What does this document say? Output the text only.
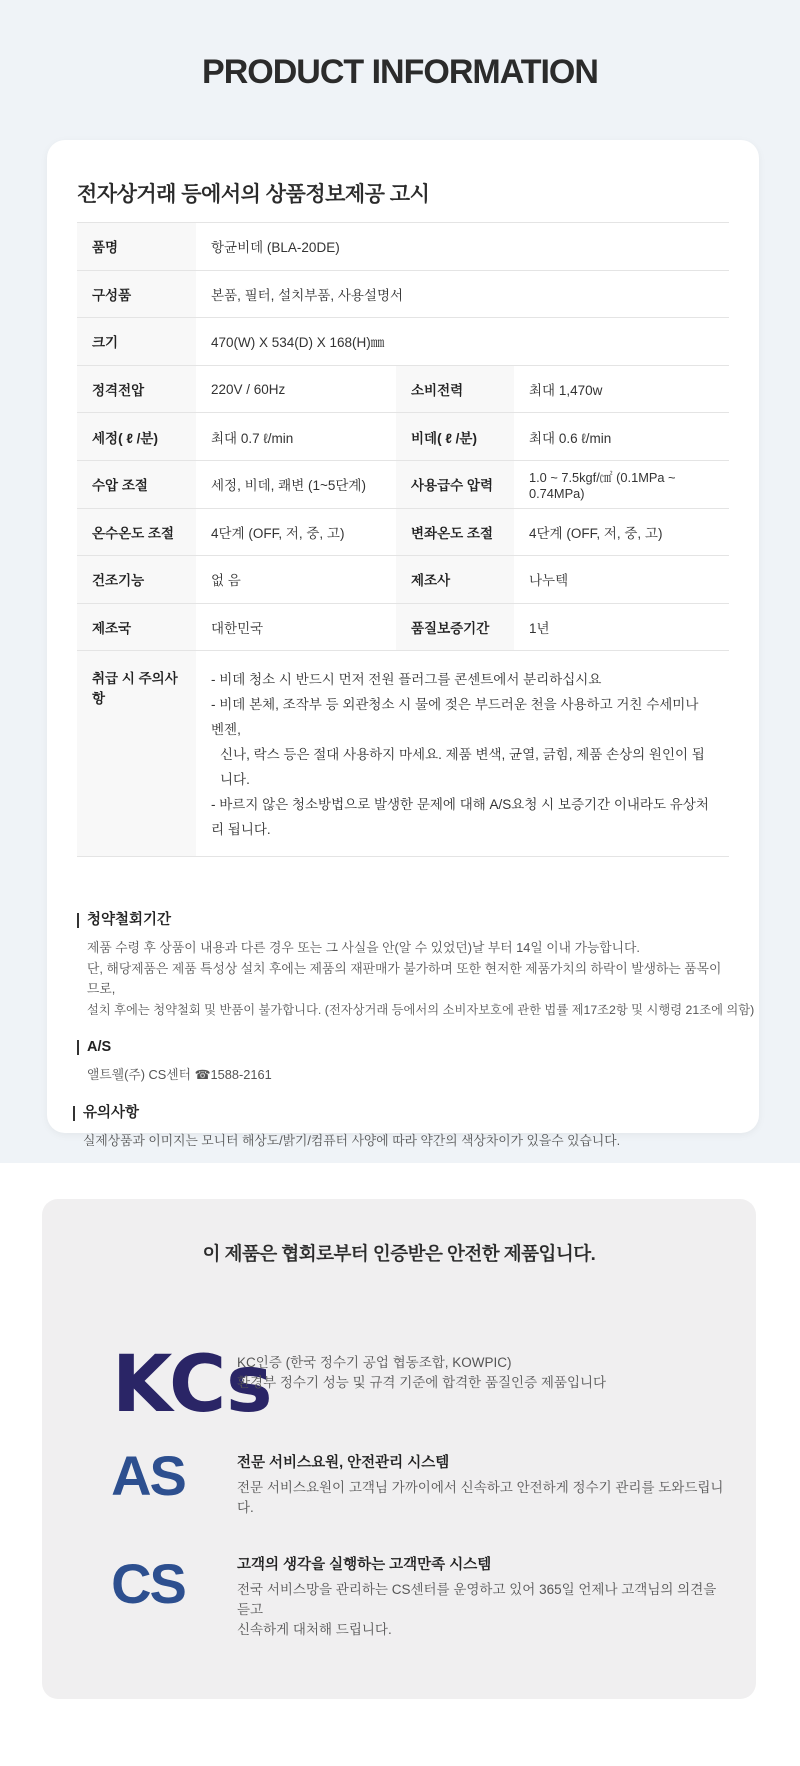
PRODUCT INFORMATION
전자상거래 등에서의 상품정보제공 고시
품명	항균비데 (BLA-20DE)		
구성품	본품, 필터, 설치부품, 사용설명서		
크기	470(W) X 534(D) X 168(H)㎜		
정격전압	220V / 60Hz	소비전력	최대 1,470w
세정( ℓ /분)	최대 0.7 ℓ/min	비데( ℓ /분)	최대 0.6 ℓ/min
수압 조절	세정, 비데, 쾌변 (1~5단계)	사용급수 압력	1.0 ~ 7.5kgf/㎠ (0.1MPa ~ 0.74MPa)
온수온도 조절	4단계 (OFF, 저, 중, 고)	변좌온도 조절	4단계 (OFF, 저, 중, 고)
건조기능	없 음	제조사	나누텍
제조국	대한민국	품질보증기간	1년
취급 시 주의사항	- 비데 청소 시 반드시 먼저 전원 플러그를 콘센트에서 분리하십시요
- 비데 본체, 조작부 등 외관청소 시 물에 젖은 부드러운 천을 사용하고 거친 수세미나 벤젠,
신나, 락스 등은 절대 사용하지 마세요. 제품 변색, 균열, 긁힘, 제품 손상의 원인이 됩니다.
- 바르지 않은 청소방법으로 발생한 문제에 대해 A/S요청 시 보증기간 이내라도 유상처리 됩니다.		
청약철회기간
제품 수령 후 상품이 내용과 다른 경우 또는 그 사실을 안(알 수 있었던)날 부터 14일 이내 가능합니다.
단, 해당제품은 제품 특성상 설치 후에는 제품의 재판매가 불가하며 또한 현저한 제품가치의 하락이 발생하는 품목이므로,
설치 후에는 청약철회 및 반품이 불가합니다. (전자상거래 등에서의 소비자보호에 관한 법률 제17조2항 및 시행령 21조에 의함)
A/S
앨트웰(주) CS센터 ☎1588-2161
유의사항
실제상품과 이미지는 모니터 해상도/밝기/컴퓨터 사양에 따라 약간의 색상차이가 있을수 있습니다.
이 제품은 협회로부터 인증받은 안전한 제품입니다.
KCs
KC인증 (한국 정수기 공업 협동조합, KOWPIC)
환경부 정수기 성능 및 규격 기준에 합격한 품질인증 제품입니다
AS	전문 서비스요원, 안전관리 시스템
전문 서비스요원이 고객님 가까이에서 신속하고 안전하게 정수기 관리를 도와드립니다.
CS	고객의 생각을 실행하는 고객만족 시스템
전국 서비스망을 관리하는 CS센터를 운영하고 있어 365일 언제나 고객님의 의견을 듣고
신속하게 대처해 드립니다.
